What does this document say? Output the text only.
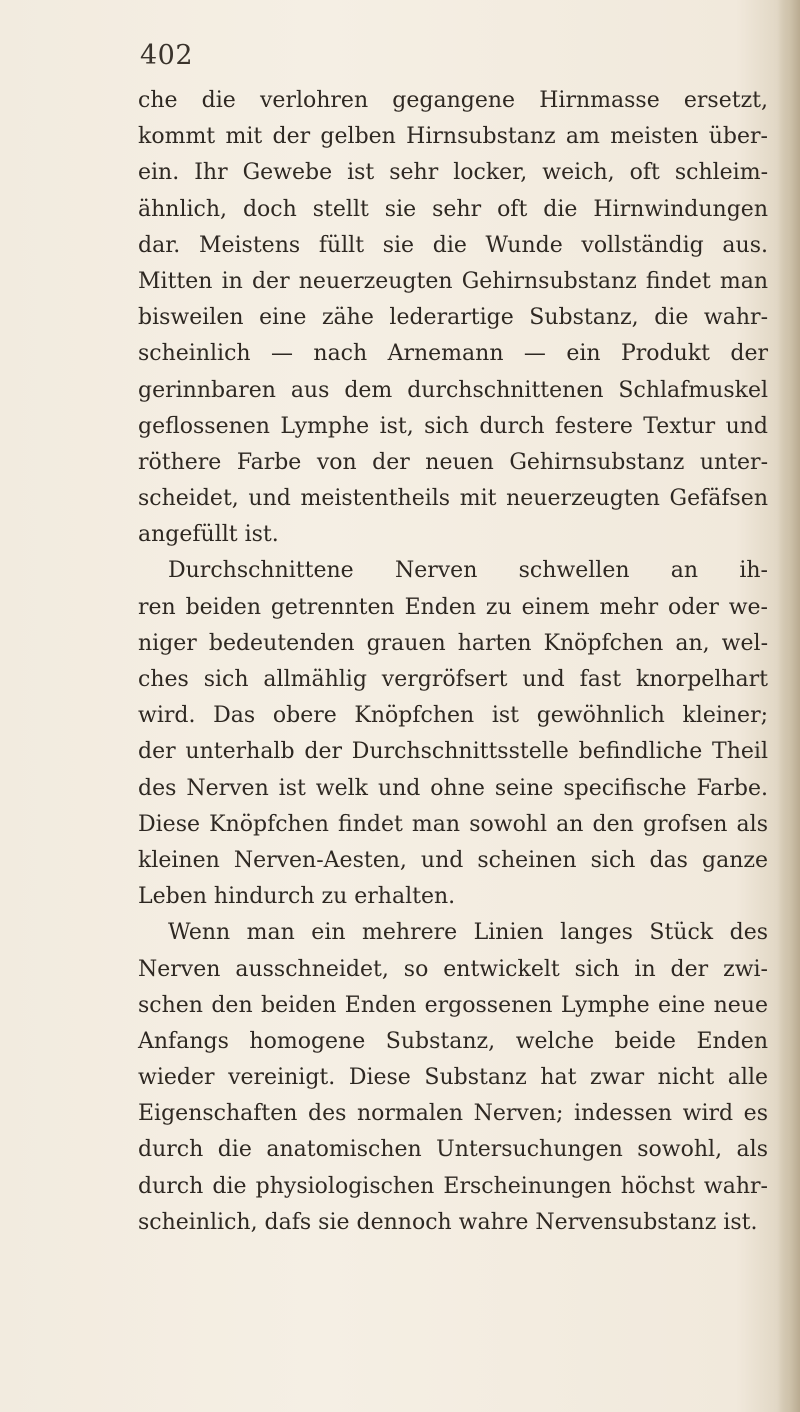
402
che die verlohren gegangene Hirnmasse ersetzt,
kommt mit der gelben Hirnsubstanz am meisten über-
ein. Ihr Gewebe ist sehr locker, weich, oft schleim-
ähnlich, doch stellt sie sehr oft die Hirnwindungen
dar. Meistens füllt sie die Wunde vollständig aus.
Mitten in der neuerzeugten Gehirnsubstanz findet man
bisweilen eine zähe lederartige Substanz, die wahr-
scheinlich — nach Arnemann — ein Produkt der
gerinnbaren aus dem durchschnittenen Schlafmuskel
geflossenen Lymphe ist, sich durch festere Textur und
röthere Farbe von der neuen Gehirnsubstanz unter-
scheidet, und meistentheils mit neuerzeugten Gefäfsen
angefüllt ist.
Durchschnittene Nerven schwellen an ih-
ren beiden getrennten Enden zu einem mehr oder we-
niger bedeutenden grauen harten Knöpfchen an, wel-
ches sich allmählig vergröfsert und fast knorpelhart
wird. Das obere Knöpfchen ist gewöhnlich kleiner;
der unterhalb der Durchschnittsstelle befindliche Theil
des Nerven ist welk und ohne seine specifische Farbe.
Diese Knöpfchen findet man sowohl an den grofsen als
kleinen Nerven-Aesten, und scheinen sich das ganze
Leben hindurch zu erhalten.
Wenn man ein mehrere Linien langes Stück des
Nerven ausschneidet, so entwickelt sich in der zwi-
schen den beiden Enden ergossenen Lymphe eine neue
Anfangs homogene Substanz, welche beide Enden
wieder vereinigt. Diese Substanz hat zwar nicht alle
Eigenschaften des normalen Nerven; indessen wird es
durch die anatomischen Untersuchungen sowohl, als
durch die physiologischen Erscheinungen höchst wahr-
scheinlich, dafs sie dennoch wahre Nervensubstanz ist.
